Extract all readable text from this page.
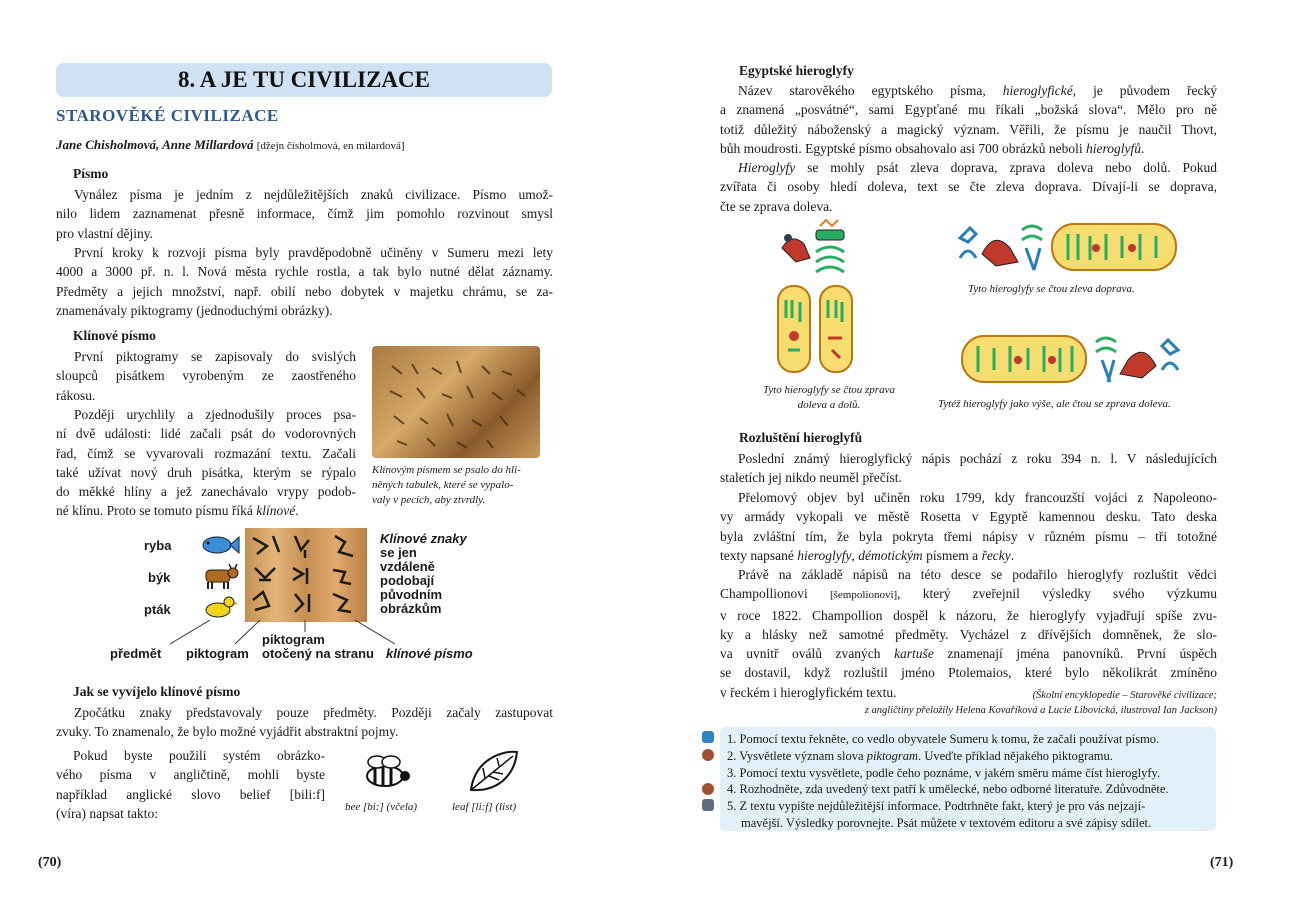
8. A JE TU CIVILIZACE
STAROVĚKÉ CIVILIZACE
Jane Chisholmová, Anne Millardová [džejn čisholmová, en milardová]
Písmo
Vynález písma je jedním z nejdůležitějších znaků civilizace. Písmo umož-
nilo lidem zaznamenat přesně informace, čímž jim pomohlo rozvinout smysl
pro vlastní dějiny.
První kroky k rozvoji písma byly pravděpodobně učiněny v Sumeru mezi lety
4000 a 3000 př. n. l. Nová města rychle rostla, a tak bylo nutné dělat záznamy.
Předměty a jejich množství, např. obilí nebo dobytek v majetku chrámu, se za-
znamenávaly piktogramy (jednoduchými obrázky).
Klínové písmo
První piktogramy se zapisovaly do svislých
sloupců pisátkem vyrobeným ze zaostřeného
rákosu.
Později urychlily a zjednodušily proces psa-
ní dvě události: lidé začali psát do vodorovných
řad, čímž se vyvarovali rozmazání textu. Začali
také užívat nový druh pisátka, kterým se rýpalo
do měkké hlíny a jež zanechávalo vrypy podob-
né klínu. Proto se tomuto písmu říká klínové.
Klínovým písmem se psalo do hli-
něných tabulek, které se vypalo-
valy v pecích, aby ztvrdly.
ryba
býk
pták
Klínové znaky
se jen
vzdáleně
podobají
původním
obrázkům
předmět piktogram
piktogram
otočený na stranu klínové písmo
Jak se vyvíjelo klínové písmo
Zpočátku znaky představovaly pouze předměty. Později začaly zastupovat
zvuky. To znamenalo, že bylo možné vyjádřit abstraktní pojmy.
Pokud byste použili systém obrázko-
vého písma v angličtině, mohli byste
například anglické slovo belief [bili:f]
(víra) napsat takto:	bee [bi:] (včela)	leaf [li:f] (list)
(70)
Egyptské hieroglyfy
Název starověkého egyptského písma, hieroglyfické, je původem řecký
a znamená „posvátné“, sami Egypťané mu říkali „božská slova“. Mělo pro ně
totiž důležitý náboženský a magický význam. Věřili, že písmu je naučil Thovt,
bůh moudrosti. Egyptské písmo obsahovalo asi 700 obrázků neboli hieroglyfů.
Hieroglyfy se mohly psát zleva doprava, zprava doleva nebo dolů. Pokud
zvířata či osoby hledí doleva, text se čte zleva doprava. Dívají-li se doprava,
čte se zprava doleva.
Tyto hieroglyfy se čtou zprava
doleva a dolů.
Tyto hieroglyfy se čtou zleva doprava.
Tytéž hieroglyfy jako výše, ale čtou se zprava doleva.
Rozluštění hieroglyfů
Poslední známý hieroglyfický nápis pochází z roku 394 n. l. V následujících
staletích jej nikdo neuměl přečíst.
Přelomový objev byl učiněn roku 1799, kdy francouzští vojáci z Napoleono-
vy armády vykopali ve městě Rosetta v Egyptě kamennou desku. Tato deska
byla zvláštní tím, že byla pokryta třemi nápisy v různém písmu – tři totožné
texty napsané hieroglyfy, démotickým písmem a řecky.
Právě na základě nápisů na této desce se podařilo hieroglyfy rozluštit vědci
Champollionovi [šempolionovi], který zveřejnil výsledky svého výzkumu
v roce 1822. Champollion dospěl k názoru, že hieroglyfy vyjadřují spíše zvu-
ky a hlásky než samotné předměty. Vycházel z dřívějších domněnek, že slo-
va uvnitř oválů zvaných kartuše znamenají jména panovníků. První úspěch
se dostavil, když rozluštil jméno Ptolemaios, které bylo několikrát zmíněno
v řeckém i hieroglyfickém textu.	(Školní encyklopedie – Starověké civilizace;
z angličtiny přeložily Helena Kovaříková a Lucie Libovická, ilustroval Ian Jackson)
1. Pomocí textu řekněte, co vedlo obyvatele Sumeru k tomu, že začali používat písmo.
2. Vysvětlete význam slova piktogram. Uveďte příklad nějakého piktogramu.
3. Pomocí textu vysvětlete, podle čeho poznáme, v jakém směru máme číst hieroglyfy.
4. Rozhodněte, zda uvedený text patří k umělecké, nebo odborné literatuře. Zdůvodněte.
5. Z textu vypište nejdůležitější informace. Podtrhněte fakt, který je pro vás nejzají-
mavější. Výsledky porovnejte. Psát můžete v textovém editoru a své zápisy sdílet.
(71)
